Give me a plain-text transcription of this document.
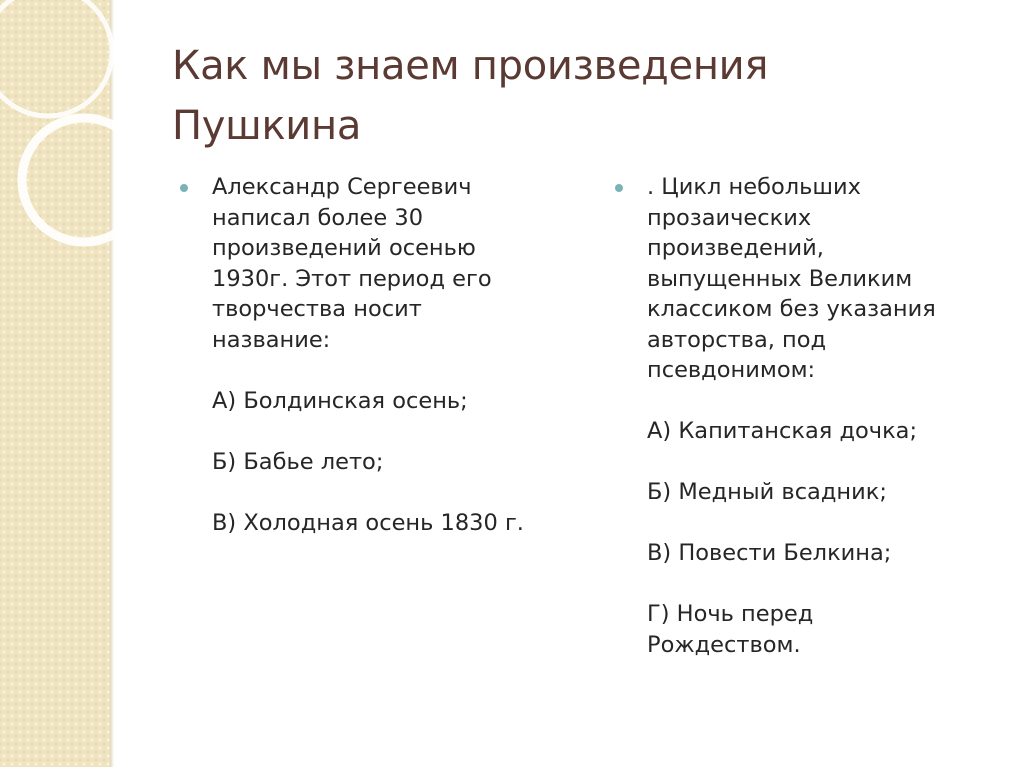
Как мы знаем произведения
Пушкина
Александр Сергеевич
написал более 30
произведений осенью
1930г. Этот период его
творчества носит
название:
А) Болдинская осень;
Б) Бабье лето;
В) Холодная осень 1830 г.
. Цикл небольших
прозаических
произведений,
выпущенных Великим
классиком без указания
авторства, под
псевдонимом:
А) Капитанская дочка;
Б) Медный всадник;
В) Повести Белкина;
Г) Ночь перед
Рождеством.
